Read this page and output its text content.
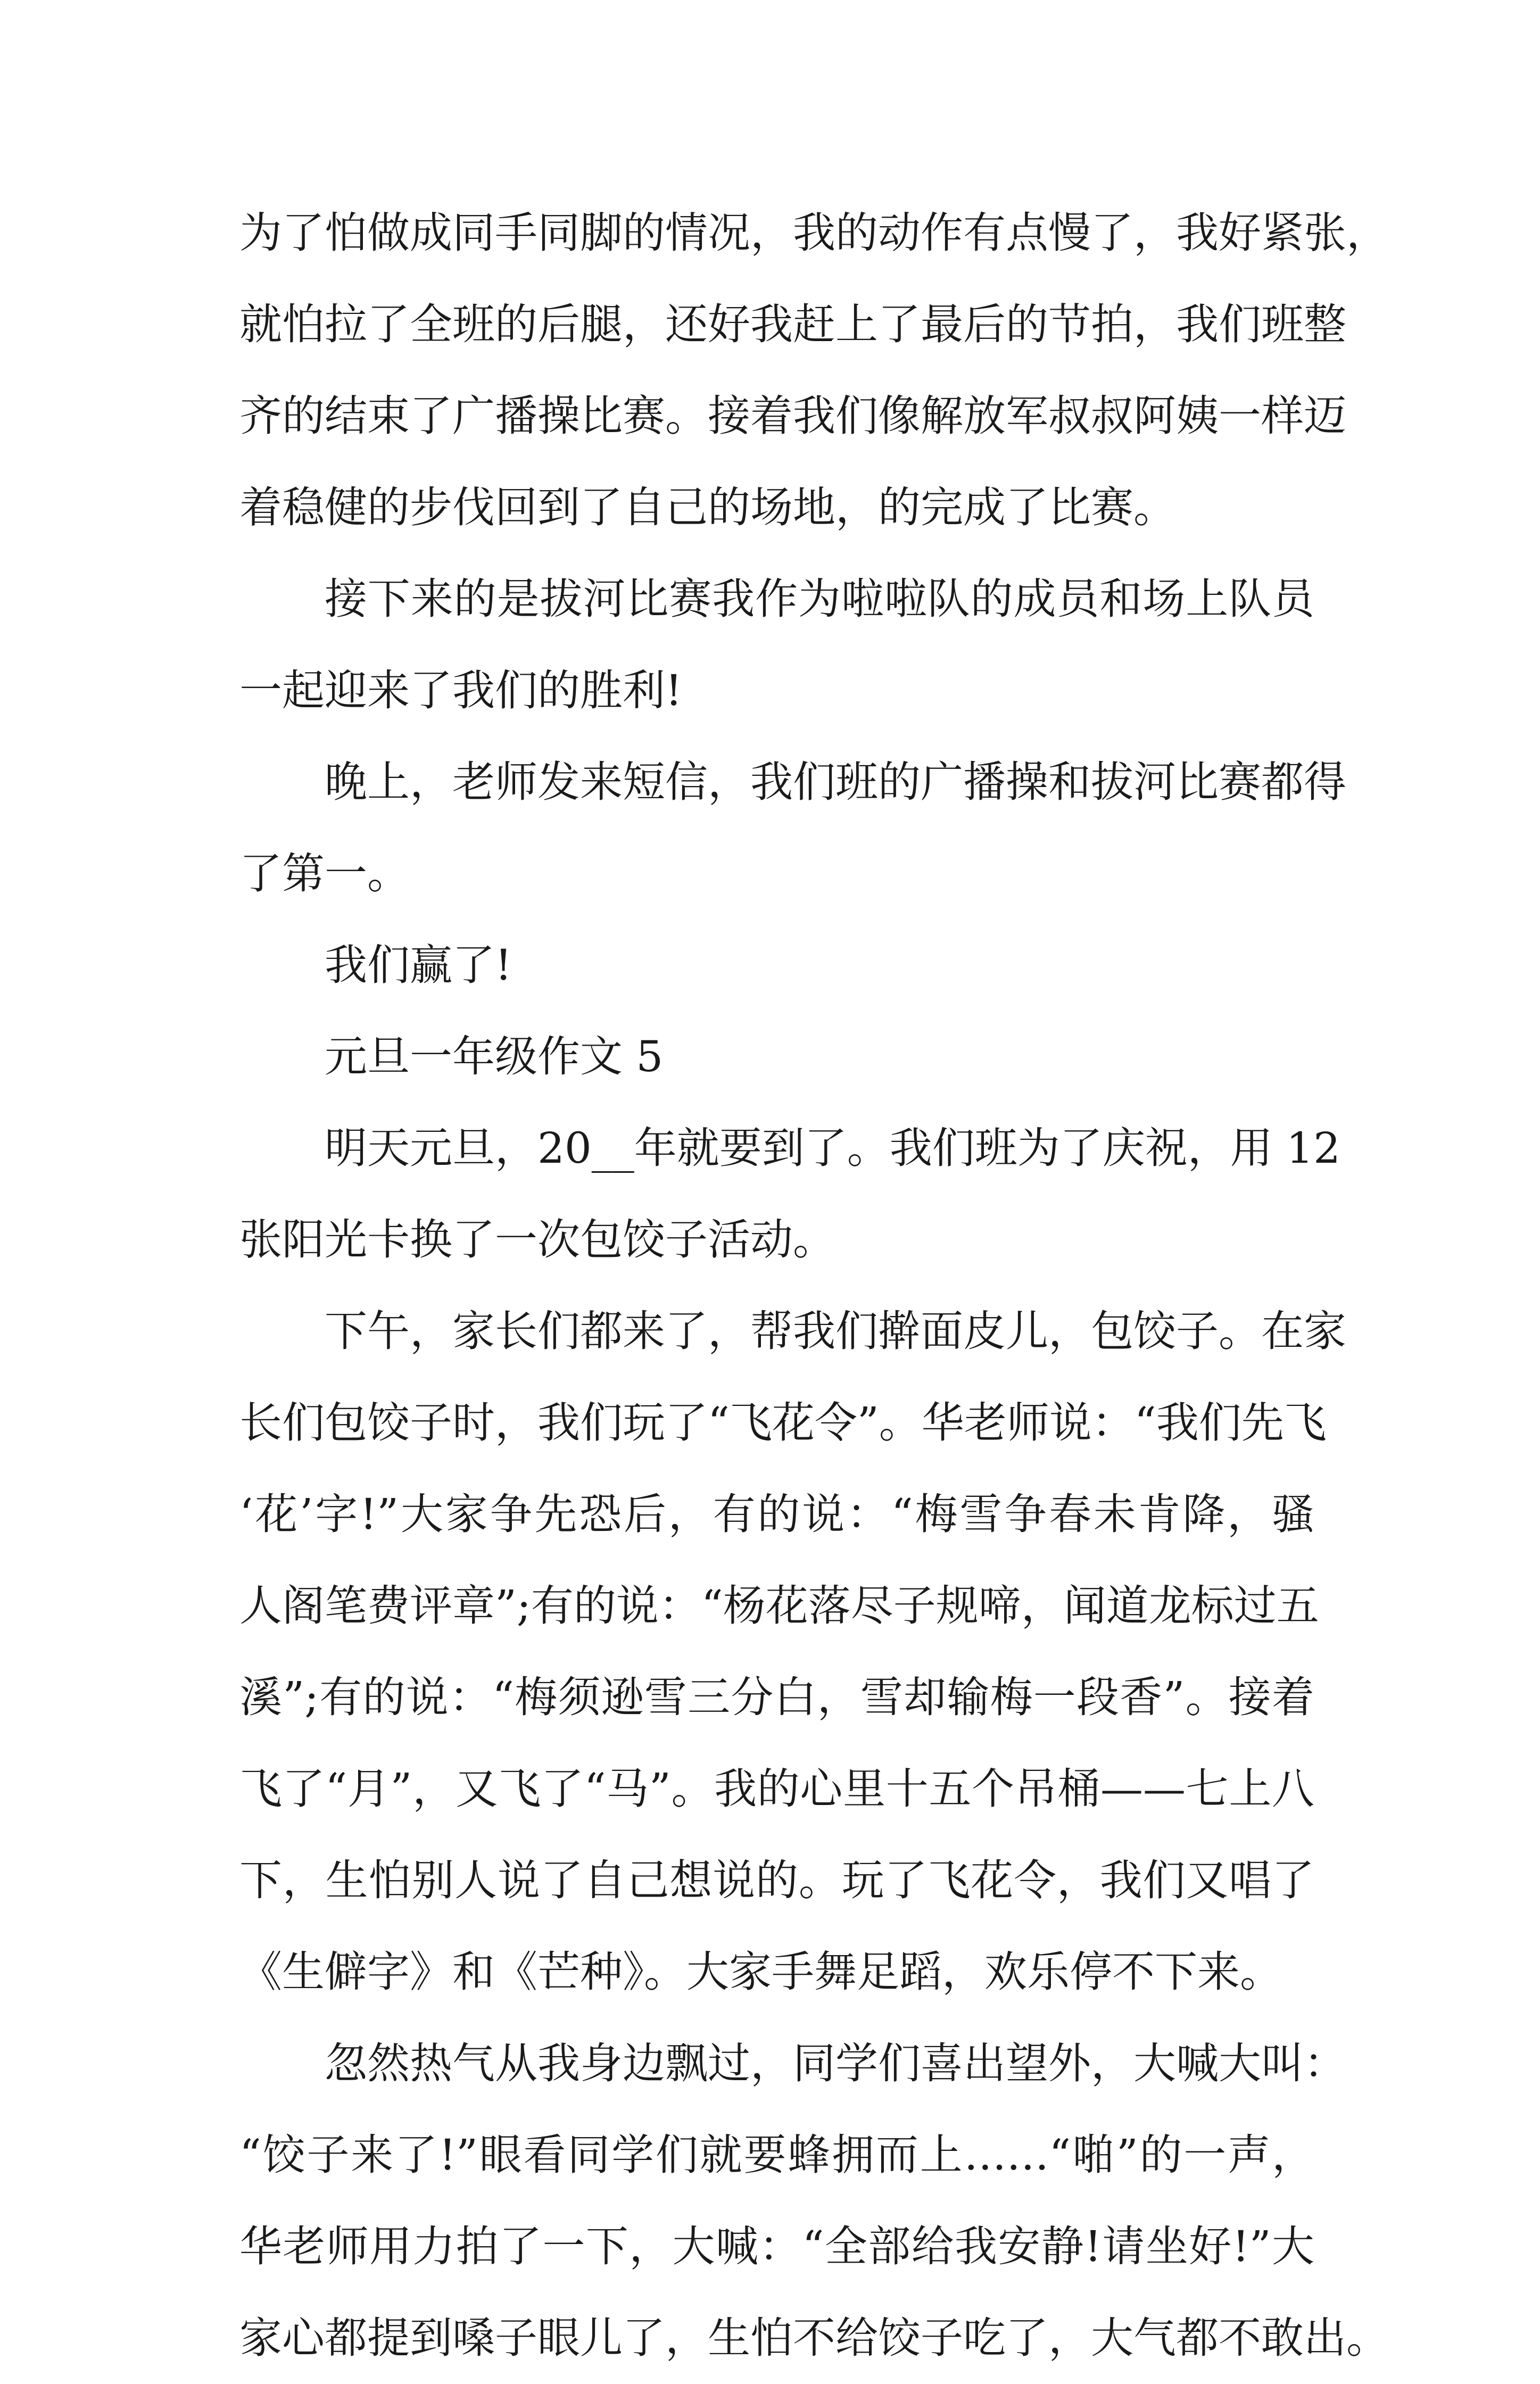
为了怕做成同手同脚的情况，我的动作有点慢了，我好紧张，
就怕拉了全班的后腿，还好我赶上了最后的节拍，我们班整
齐的结束了广播操比赛。接着我们像解放军叔叔阿姨一样迈
着稳健的步伐回到了自己的场地，的完成了比赛。
接下来的是拔河比赛我作为啦啦队的成员和场上队员
一起迎来了我们的胜利!
晚上，老师发来短信，我们班的广播操和拔河比赛都得
了第一。
我们赢了!
元旦一年级作文 5
明天元旦，20__年就要到了。我们班为了庆祝，用 12
张阳光卡换了一次包饺子活动。
下午，家长们都来了，帮我们擀面皮儿，包饺子。在家
长们包饺子时，我们玩了“飞花令”。华老师说：“我们先飞
‘花’字!”大家争先恐后，有的说：“梅雪争春未肯降，骚
人阁笔费评章”;有的说：“杨花落尽子规啼，闻道龙标过五
溪”;有的说：“梅须逊雪三分白，雪却输梅一段香”。接着
飞了“月”，又飞了“马”。我的心里十五个吊桶——七上八
下，生怕别人说了自己想说的。玩了飞花令，我们又唱了
《生僻字》和《芒种》。大家手舞足蹈，欢乐停不下来。
忽然热气从我身边飘过，同学们喜出望外，大喊大叫：
“饺子来了!”眼看同学们就要蜂拥而上……“啪”的一声，
华老师用力拍了一下，大喊：“全部给我安静!请坐好!”大
家心都提到嗓子眼儿了，生怕不给饺子吃了，大气都不敢出。
